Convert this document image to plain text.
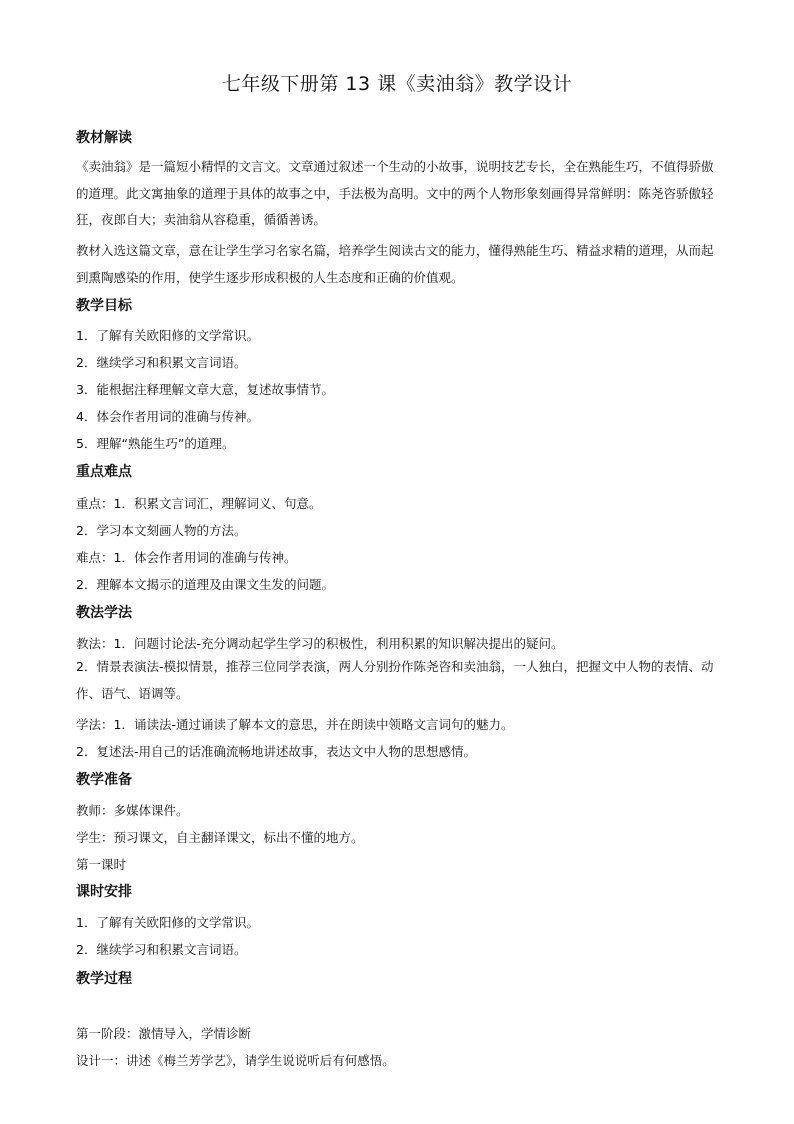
七年级下册第 13 课《卖油翁》教学设计
教材解读
《卖油翁》是一篇短小精悍的文言文。文章通过叙述一个生动的小故事，说明技艺专长，全在熟能生巧，不值得骄傲的道理。此文寓抽象的道理于具体的故事之中，手法极为高明。文中的两个人物形象刻画得异常鲜明：陈尧咨骄傲轻狂，夜郎自大；卖油翁从容稳重，循循善诱。
教材入选这篇文章，意在让学生学习名家名篇，培养学生阅读古文的能力，懂得熟能生巧、精益求精的道理，从而起到熏陶感染的作用，使学生逐步形成积极的人生态度和正确的价值观。
教学目标
1．了解有关欧阳修的文学常识。
2．继续学习和积累文言词语。
3．能根据注释理解文章大意，复述故事情节。
4．体会作者用词的准确与传神。
5．理解“熟能生巧”的道理。
重点难点
重点：1．积累文言词汇，理解词义、句意。
2．学习本文刻画人物的方法。
难点：1．体会作者用词的准确与传神。
2．理解本文揭示的道理及由课文生发的问题。
教法学法
教法：1．问题讨论法-充分调动起学生学习的积极性，利用积累的知识解决提出的疑问。
2．情景表演法-模拟情景，推荐三位同学表演，两人分别扮作陈尧咨和卖油翁，一人独白，把握文中人物的表情、动作、语气、语调等。
学法：1．诵读法-通过诵读了解本文的意思，并在朗读中领略文言词句的魅力。
2．复述法-用自己的话准确流畅地讲述故事，表达文中人物的思想感情。
教学准备
教师：多媒体课件。
学生：预习课文，自主翻译课文，标出不懂的地方。
第一课时
课时安排
1．了解有关欧阳修的文学常识。
2．继续学习和积累文言词语。
教学过程
第一阶段：激情导入，学情诊断
设计一：讲述《梅兰芳学艺》，请学生说说听后有何感悟。
